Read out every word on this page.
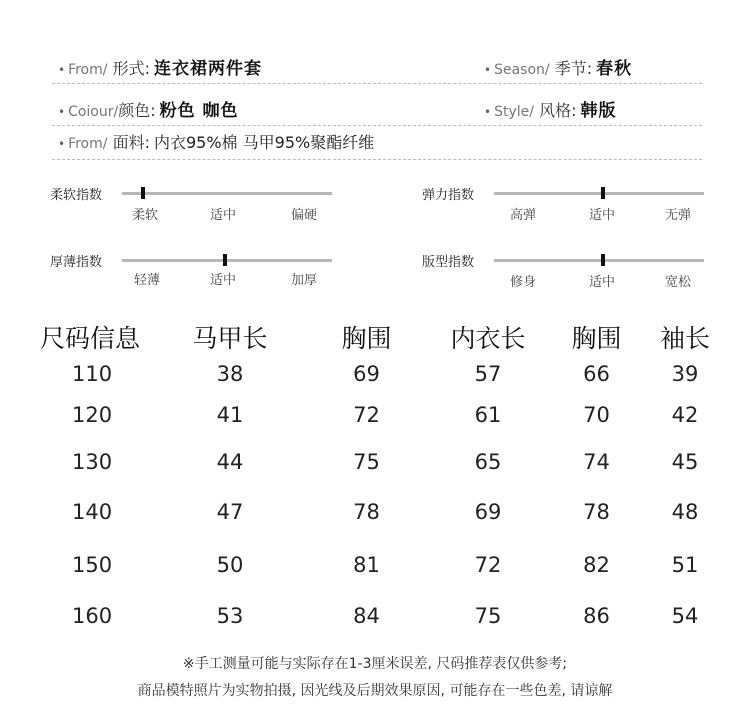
• From/ 形式: 连衣裙两件套	• Season/ 季节: 春秋
• Coiour/颜色: 粉色 咖色	• Style/ 风格: 韩版
• From/ 面料: 内衣95%棉 马甲95%聚酯纤维
柔软指数
柔软	适中	偏硬
弹力指数
高弹	适中	无弹
厚薄指数
轻薄	适中	加厚
版型指数
修身	适中	宽松
尺码信息	马甲长	胸围	内衣长	胸围	袖长
110	38	69	57	66	39
120	41	72	61	70	42
130	44	75	65	74	45
140	47	78	69	78	48
150	50	81	72	82	51
160	53	84	75	86	54
※手工测量可能与实际存在1-3厘米误差, 尺码推荐表仅供参考;
商品模特照片为实物拍摄, 因光线及后期效果原因, 可能存在一些色差, 请谅解
